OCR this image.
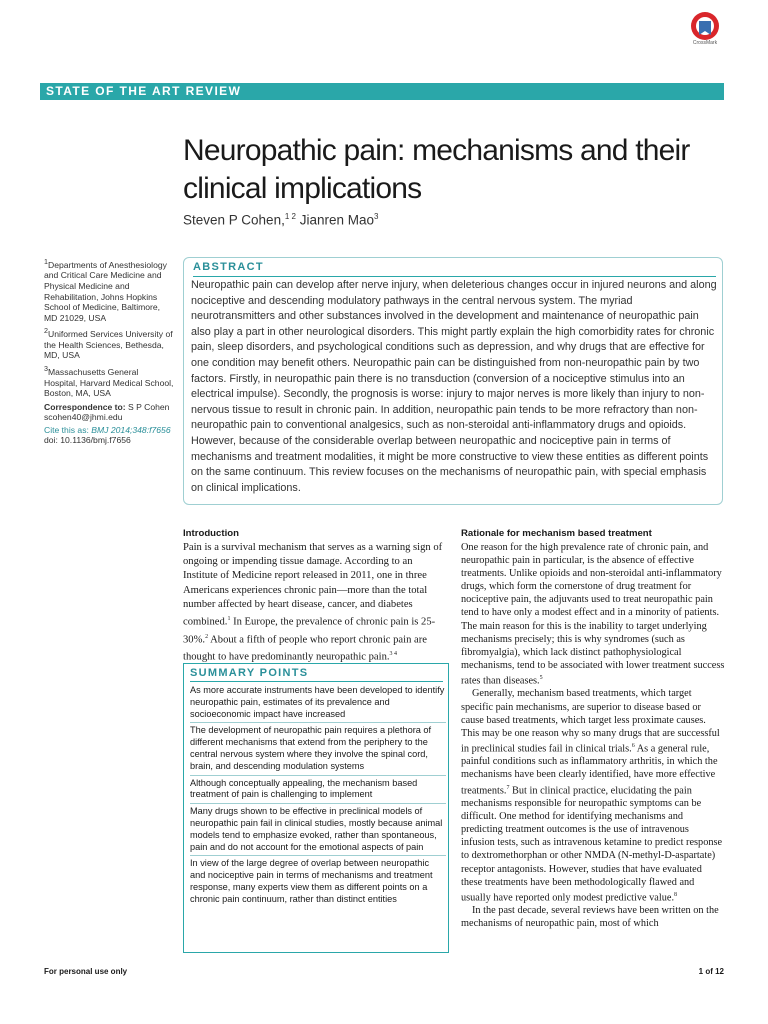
CrossMark
STATE OF THE ART REVIEW
Neuropathic pain: mechanisms and their clinical implications
Steven P Cohen,$^{1 2}$ Jianren Mao$^3$

$^1$Departments of Anesthesiology and Critical Care Medicine and Physical Medicine and Rehabilitation, Johns Hopkins School of Medicine, Baltimore, MD 21029, USA

$^2$Uniformed Services University of the Health Sciences, Bethesda, MD, USA

$^3$Massachusetts General Hospital, Harvard Medical School, Boston, MA, USA

Correspondence to: S P Cohen
scohen40@jhmi.edu

Cite this as: BMJ 2014;348:f7656
doi: 10.1136/bmj.f7656

ABSTRACT
Neuropathic pain can develop after nerve injury, when deleterious changes occur in injured neurons and along nociceptive and descending modulatory pathways in the central nervous system. The myriad neurotransmitters and other substances involved in the development and maintenance of neuropathic pain also play a part in other neurological disorders. This might partly explain the high comorbidity rates for chronic pain, sleep disorders, and psychological conditions such as depression, and why drugs that are effective for one condition may benefit others. Neuropathic pain can be distinguished from non-neuropathic pain by two factors. Firstly, in neuropathic pain there is no transduction (conversion of a nociceptive stimulus into an electrical impulse). Secondly, the prognosis is worse: injury to major nerves is more likely than injury to non-nervous tissue to result in chronic pain. In addition, neuropathic pain tends to be more refractory than non-neuropathic pain to conventional analgesics, such as non-steroidal anti-inflammatory drugs and opioids. However, because of the considerable overlap between neuropathic and nociceptive pain in terms of mechanisms and treatment modalities, it might be more constructive to view these entities as different points on the same continuum. This review focuses on the mechanisms of neuropathic pain, with special emphasis on clinical implications.
Introduction
Pain is a survival mechanism that serves as a warning sign of ongoing or impending tissue damage. According to an Institute of Medicine report released in 2011, one in three Americans experiences chronic pain—more than the total number affected by heart disease, cancer, and diabetes combined.$^1$ In Europe, the prevalence of chronic pain is 25-30%.$^2$ About a fifth of people who report chronic pain are thought to have predominantly neuropathic pain.$^{3 4}$
SUMMARY POINTS
As more accurate instruments have been developed to identify neuropathic pain, estimates of its prevalence and socioeconomic impact have increased
The development of neuropathic pain requires a plethora of different mechanisms that extend from the periphery to the central nervous system where they involve the spinal cord, brain, and descending modulation systems
Although conceptually appealing, the mechanism based treatment of pain is challenging to implement
Many drugs shown to be effective in preclinical models of neuropathic pain fail in clinical studies, mostly because animal models tend to emphasize evoked, rather than spontaneous, pain and do not account for the emotional aspects of pain
In view of the large degree of overlap between neuropathic and nociceptive pain in terms of mechanisms and treatment response, many experts view them as different points on a chronic pain continuum, rather than distinct entities
Rationale for mechanism based treatment

One reason for the high prevalence rate of chronic pain, and neuropathic pain in particular, is the absence of effective treatments. Unlike opioids and non-steroidal anti-inflammatory drugs, which form the cornerstone of drug treatment for nociceptive pain, the adjuvants used to treat neuropathic pain tend to have only a modest effect and in a minority of patients. The main reason for this is the inability to target underlying mechanisms precisely; this is why syndromes (such as fibromyalgia), which lack distinct pathophysiological mechanisms, tend to be associated with lower treatment success rates than diseases.$^5$

Generally, mechanism based treatments, which target specific pain mechanisms, are superior to disease based or cause based treatments, which target less proximate causes. This may be one reason why so many drugs that are successful in preclinical studies fail in clinical trials.$^6$ As a general rule, painful conditions such as inflammatory arthritis, in which the mechanisms have been clearly identified, have more effective treatments.$^7$ But in clinical practice, elucidating the pain mechanisms responsible for neuropathic symptoms can be difficult. One method for identifying mechanisms and predicting treatment outcomes is the use of intravenous infusion tests, such as intravenous ketamine to predict response to dextromethorphan or other NMDA (N-methyl-D-aspartate) receptor antagonists. However, studies that have evaluated these treatments have been methodologically flawed and usually have reported only modest predictive value.$^8$

In the past decade, several reviews have been written on the mechanisms of neuropathic pain, most of which

For personal use only	1 of 12
